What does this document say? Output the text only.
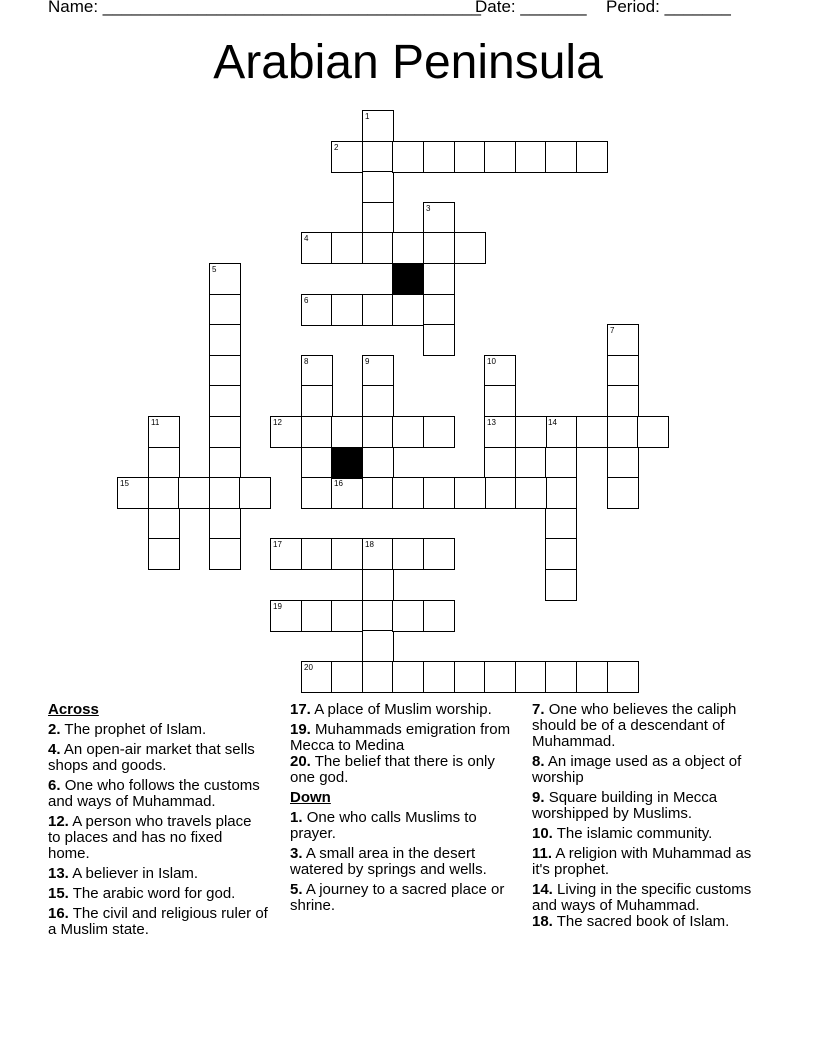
Name: ________________________________________
Date: _______ Period: _______
Arabian Peninsula
1
3
5
7
8	9	10
13
11	14
18
2
4
6
12
15	16
17
19
20
Across
2. The prophet of Islam.
4. An open-air market that sells shops and goods.
6. One who follows the customs and ways of Muhammad.
12. A person who travels place to places and has no fixed home.
13. A believer in Islam.
15. The arabic word for god.
16. The civil and religious ruler of a Muslim state.
17. A place of Muslim worship.
19. Muhammads emigration from Mecca to Medina
20. The belief that there is only one god.
Down
1. One who calls Muslims to prayer.
3. A small area in the desert watered by springs and wells.
5. A journey to a sacred place or shrine.
7. One who believes the caliph should be of a descendant of Muhammad.
8. An image used as a object of worship
9. Square building in Mecca worshipped by Muslims.
10. The islamic community.
11. A religion with Muhammad as it's prophet.
14. Living in the specific customs and ways of Muhammad.
18. The sacred book of Islam.
